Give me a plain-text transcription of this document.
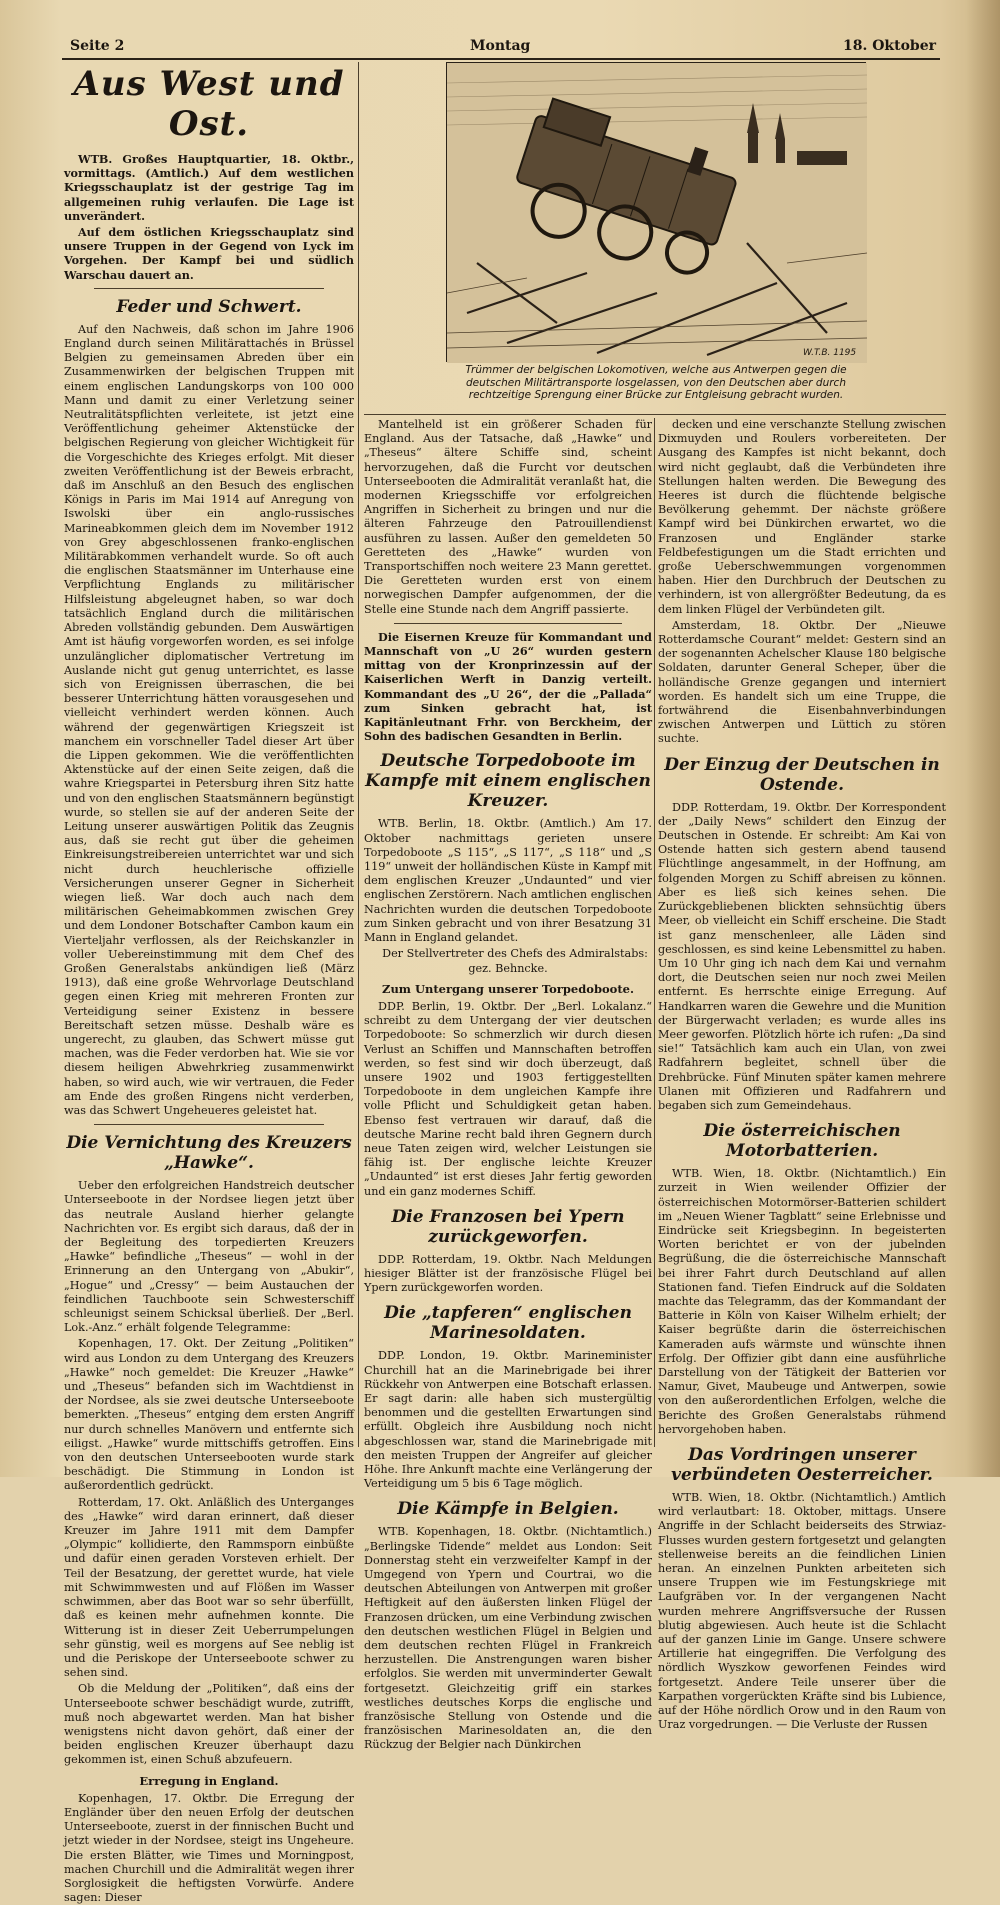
Seite 2	Montag	18. Oktober
Aus West und Ost.

WTB. Großes Hauptquartier, 18. Oktbr., vormittags. (Amtlich.) Auf dem westlichen Kriegsschauplatz ist der gestrige Tag im allgemeinen ruhig verlaufen. Die Lage ist unverändert.

Auf dem östlichen Kriegsschauplatz sind unsere Truppen in der Gegend von Lyck im Vorgehen. Der Kampf bei und südlich Warschau dauert an.

Feder und Schwert.

Auf den Nachweis, daß schon im Jahre 1906 England durch seinen Militärattachés in Brüssel Belgien zu gemeinsamen Abreden über ein Zusammenwirken der belgischen Truppen mit einem englischen Landungskorps von 100 000 Mann und damit zu einer Verletzung seiner Neutralitätspflichten verleitete, ist jetzt eine Veröffentlichung geheimer Aktenstücke der belgischen Regierung von gleicher Wichtigkeit für die Vorgeschichte des Krieges erfolgt. Mit dieser zweiten Veröffentlichung ist der Beweis erbracht, daß im Anschluß an den Besuch des englischen Königs in Paris im Mai 1914 auf Anregung von Iswolski über ein anglo-russisches Marineabkommen gleich dem im November 1912 von Grey abgeschlossenen franko-englischen Militärabkommen verhandelt wurde. So oft auch die englischen Staatsmänner im Unterhause eine Verpflichtung Englands zu militärischer Hilfsleistung abgeleugnet haben, so war doch tatsächlich England durch die militärischen Abreden vollständig gebunden. Dem Auswärtigen Amt ist häufig vorgeworfen worden, es sei infolge unzulänglicher diplomatischer Vertretung im Auslande nicht gut genug unterrichtet, es lasse sich von Ereignissen überraschen, die bei besserer Unterrichtung hätten vorausgesehen und vielleicht verhindert werden können. Auch während der gegenwärtigen Kriegszeit ist manchem ein vorschneller Tadel dieser Art über die Lippen gekommen. Wie die veröffentlichten Aktenstücke auf der einen Seite zeigen, daß die wahre Kriegspartei in Petersburg ihren Sitz hatte und von den englischen Staatsmännern begünstigt wurde, so stellen sie auf der anderen Seite der Leitung unserer auswärtigen Politik das Zeugnis aus, daß sie recht gut über die geheimen Einkreisungstreibereien unterrichtet war und sich nicht durch heuchlerische offizielle Versicherungen unserer Gegner in Sicherheit wiegen ließ. War doch auch nach dem militärischen Geheimabkommen zwischen Grey und dem Londoner Botschafter Cambon kaum ein Vierteljahr verflossen, als der Reichskanzler in voller Uebereinstimmung mit dem Chef des Großen Generalstabs ankündigen ließ (März 1913), daß eine große Wehrvorlage Deutschland gegen einen Krieg mit mehreren Fronten zur Verteidigung seiner Existenz in bessere Bereitschaft setzen müsse. Deshalb wäre es ungerecht, zu glauben, das Schwert müsse gut machen, was die Feder verdorben hat. Wie sie vor diesem heiligen Abwehrkrieg zusammenwirkt haben, so wird auch, wie wir vertrauen, die Feder am Ende des großen Ringens nicht verderben, was das Schwert Ungeheueres geleistet hat.

Die Vernichtung des Kreuzers „Hawke“.

Ueber den erfolgreichen Handstreich deutscher Unterseeboote in der Nordsee liegen jetzt über das neutrale Ausland hierher gelangte Nachrichten vor. Es ergibt sich daraus, daß der in der Begleitung des torpedierten Kreuzers „Hawke“ befindliche „Theseus“ — wohl in der Erinnerung an den Untergang von „Abukir“, „Hogue“ und „Cressy“ — beim Austauchen der feindlichen Tauchboote sein Schwesterschiff schleunigst seinem Schicksal überließ. Der „Berl. Lok.-Anz.“ erhält folgende Telegramme:

Kopenhagen, 17. Okt. Der Zeitung „Politiken“ wird aus London zu dem Untergang des Kreuzers „Hawke“ noch gemeldet: Die Kreuzer „Hawke“ und „Theseus“ befanden sich im Wachtdienst in der Nordsee, als sie zwei deutsche Unterseeboote bemerkten. „Theseus“ entging dem ersten Angriff nur durch schnelles Manövern und entfernte sich eiligst. „Hawke“ wurde mittschiffs getroffen. Eins von den deutschen Unterseebooten wurde stark beschädigt. Die Stimmung in London ist außerordentlich gedrückt.

Rotterdam, 17. Okt. Anläßlich des Unterganges des „Hawke“ wird daran erinnert, daß dieser Kreuzer im Jahre 1911 mit dem Dampfer „Olympic“ kollidierte, den Rammsporn einbüßte und dafür einen geraden Vorsteven erhielt. Der Teil der Besatzung, der gerettet wurde, hat viele mit Schwimmwesten und auf Flößen im Wasser schwimmen, aber das Boot war so sehr überfüllt, daß es keinen mehr aufnehmen konnte. Die Witterung ist in dieser Zeit Ueberrumpelungen sehr günstig, weil es morgens auf See neblig ist und die Periskope der Unterseeboote schwer zu sehen sind.

Ob die Meldung der „Politiken“, daß eins der Unterseeboote schwer beschädigt wurde, zutrifft, muß noch abgewartet werden. Man hat bisher wenigstens nicht davon gehört, daß einer der beiden englischen Kreuzer überhaupt dazu gekommen ist, einen Schuß abzufeuern.

Erregung in England.

Kopenhagen, 17. Oktbr. Die Erregung der Engländer über den neuen Erfolg der deutschen Unterseeboote, zuerst in der finnischen Bucht und jetzt wieder in der Nordsee, steigt ins Ungeheure. Die ersten Blätter, wie Times und Morningpost, machen Churchill und die Admiralität wegen ihrer Sorglosigkeit die heftigsten Vorwürfe. Andere sagen: Dieser

W.T.B. 1195
Trümmer der belgischen Lokomotiven, welche aus Antwerpen gegen die deutschen Militärtransporte losgelassen, von den Deutschen aber durch rechtzeitige Sprengung einer Brücke zur Entgleisung gebracht wurden.

Mantelheld ist ein größerer Schaden für England. Aus der Tatsache, daß „Hawke“ und „Theseus“ ältere Schiffe sind, scheint hervorzugehen, daß die Furcht vor deutschen Unterseebooten die Admiralität veranlaßt hat, die modernen Kriegsschiffe vor erfolgreichen Angriffen in Sicherheit zu bringen und nur die älteren Fahrzeuge den Patrouillendienst ausführen zu lassen. Außer den gemeldeten 50 Geretteten des „Hawke“ wurden von Transportschiffen noch weitere 23 Mann gerettet. Die Geretteten wurden erst von einem norwegischen Dampfer aufgenommen, der die Stelle eine Stunde nach dem Angriff passierte.

Die Eisernen Kreuze für Kommandant und Mannschaft von „U 26“ wurden gestern mittag von der Kronprinzessin auf der Kaiserlichen Werft in Danzig verteilt. Kommandant des „U 26“, der die „Pallada“ zum Sinken gebracht hat, ist Kapitänleutnant Frhr. von Berckheim, der Sohn des badischen Gesandten in Berlin.

Deutsche Torpedoboote im Kampfe mit einem englischen Kreuzer.

WTB. Berlin, 18. Oktbr. (Amtlich.) Am 17. Oktober nachmittags gerieten unsere Torpedoboote „S 115“, „S 117“, „S 118“ und „S 119“ unweit der holländischen Küste in Kampf mit dem englischen Kreuzer „Undaunted“ und vier englischen Zerstörern. Nach amtlichen englischen Nachrichten wurden die deutschen Torpedoboote zum Sinken gebracht und von ihrer Besatzung 31 Mann in England gelandet.

Der Stellvertreter des Chefs des Admiralstabs: gez. Behncke.

Zum Untergang unserer Torpedoboote.

DDP. Berlin, 19. Oktbr. Der „Berl. Lokalanz.“ schreibt zu dem Untergang der vier deutschen Torpedoboote: So schmerzlich wir durch diesen Verlust an Schiffen und Mannschaften betroffen werden, so fest sind wir doch überzeugt, daß unsere 1902 und 1903 fertiggestellten Torpedoboote in dem ungleichen Kampfe ihre volle Pflicht und Schuldigkeit getan haben. Ebenso fest vertrauen wir darauf, daß die deutsche Marine recht bald ihren Gegnern durch neue Taten zeigen wird, welcher Leistungen sie fähig ist. Der englische leichte Kreuzer „Undaunted“ ist erst dieses Jahr fertig geworden und ein ganz modernes Schiff.

Die Franzosen bei Ypern zurückgeworfen.

DDP. Rotterdam, 19. Oktbr. Nach Meldungen hiesiger Blätter ist der französische Flügel bei Ypern zurückgeworfen worden.

Die „tapferen“ englischen Marinesoldaten.

DDP. London, 19. Oktbr. Marineminister Churchill hat an die Marinebrigade bei ihrer Rückkehr von Antwerpen eine Botschaft erlassen. Er sagt darin: alle haben sich mustergültig benommen und die gestellten Erwartungen sind erfüllt. Obgleich ihre Ausbildung noch nicht abgeschlossen war, stand die Marinebrigade mit den meisten Truppen der Angreifer auf gleicher Höhe. Ihre Ankunft machte eine Verlängerung der Verteidigung um 5 bis 6 Tage möglich.

Die Kämpfe in Belgien.

WTB. Kopenhagen, 18. Oktbr. (Nichtamtlich.) „Berlingske Tidende“ meldet aus London: Seit Donnerstag steht ein verzweifelter Kampf in der Umgegend von Ypern und Courtrai, wo die deutschen Abteilungen von Antwerpen mit großer Heftigkeit auf den äußersten linken Flügel der Franzosen drücken, um eine Verbindung zwischen den deutschen westlichen Flügel in Belgien und dem deutschen rechten Flügel in Frankreich herzustellen. Die Anstrengungen waren bisher erfolglos. Sie werden mit unverminderter Gewalt fortgesetzt. Gleichzeitig griff ein starkes westliches deutsches Korps die englische und französische Stellung von Ostende und die französischen Marinesoldaten an, die den Rückzug der Belgier nach Dünkirchen

decken und eine verschanzte Stellung zwischen Dixmuyden und Roulers vorbereiteten. Der Ausgang des Kampfes ist nicht bekannt, doch wird nicht geglaubt, daß die Verbündeten ihre Stellungen halten werden. Die Bewegung des Heeres ist durch die flüchtende belgische Bevölkerung gehemmt. Der nächste größere Kampf wird bei Dünkirchen erwartet, wo die Franzosen und Engländer starke Feldbefestigungen um die Stadt errichten und große Ueberschwemmungen vorgenommen haben. Hier den Durchbruch der Deutschen zu verhindern, ist von allergrößter Bedeutung, da es dem linken Flügel der Verbündeten gilt.

Amsterdam, 18. Oktbr. Der „Nieuwe Rotterdamsche Courant“ meldet: Gestern sind an der sogenannten Achelscher Klause 180 belgische Soldaten, darunter General Scheper, über die holländische Grenze gegangen und interniert worden. Es handelt sich um eine Truppe, die fortwährend die Eisenbahnverbindungen zwischen Antwerpen und Lüttich zu stören suchte.

Der Einzug der Deutschen in Ostende.

DDP. Rotterdam, 19. Oktbr. Der Korrespondent der „Daily News“ schildert den Einzug der Deutschen in Ostende. Er schreibt: Am Kai von Ostende hatten sich gestern abend tausend Flüchtlinge angesammelt, in der Hoffnung, am folgenden Morgen zu Schiff abreisen zu können. Aber es ließ sich keines sehen. Die Zurückgebliebenen blickten sehnsüchtig übers Meer, ob vielleicht ein Schiff erscheine. Die Stadt ist ganz menschenleer, alle Läden sind geschlossen, es sind keine Lebensmittel zu haben. Um 10 Uhr ging ich nach dem Kai und vernahm dort, die Deutschen seien nur noch zwei Meilen entfernt. Es herrschte einige Erregung. Auf Handkarren waren die Gewehre und die Munition der Bürgerwacht verladen; es wurde alles ins Meer geworfen. Plötzlich hörte ich rufen: „Da sind sie!“ Tatsächlich kam auch ein Ulan, von zwei Radfahrern begleitet, schnell über die Drehbrücke. Fünf Minuten später kamen mehrere Ulanen mit Offizieren und Radfahrern und begaben sich zum Gemeindehaus.

Die österreichischen Motorbatterien.

WTB. Wien, 18. Oktbr. (Nichtamtlich.) Ein zurzeit in Wien weilender Offizier der österreichischen Motormörser-Batterien schildert im „Neuen Wiener Tagblatt“ seine Erlebnisse und Eindrücke seit Kriegsbeginn. In begeisterten Worten berichtet er von der jubelnden Begrüßung, die die österreichische Mannschaft bei ihrer Fahrt durch Deutschland auf allen Stationen fand. Tiefen Eindruck auf die Soldaten machte das Telegramm, das der Kommandant der Batterie in Köln von Kaiser Wilhelm erhielt; der Kaiser begrüßte darin die österreichischen Kameraden aufs wärmste und wünschte ihnen Erfolg. Der Offizier gibt dann eine ausführliche Darstellung von der Tätigkeit der Batterien vor Namur, Givet, Maubeuge und Antwerpen, sowie von den außerordentlichen Erfolgen, welche die Berichte des Großen Generalstabs rühmend hervorgehoben haben.

Das Vordringen unserer verbündeten Oesterreicher.

WTB. Wien, 18. Oktbr. (Nichtamtlich.) Amtlich wird verlautbart: 18. Oktober, mittags. Unsere Angriffe in der Schlacht beiderseits des Strwiaz-Flusses wurden gestern fortgesetzt und gelangten stellenweise bereits an die feindlichen Linien heran. An einzelnen Punkten arbeiteten sich unsere Truppen wie im Festungskriege mit Laufgräben vor. In der vergangenen Nacht wurden mehrere Angriffsversuche der Russen blutig abgewiesen. Auch heute ist die Schlacht auf der ganzen Linie im Gange. Unsere schwere Artillerie hat eingegriffen. Die Verfolgung des nördlich Wyszkow geworfenen Feindes wird fortgesetzt. Andere Teile unserer über die Karpathen vorgerückten Kräfte sind bis Lubience, auf der Höhe nördlich Orow und in den Raum von Uraz vorgedrungen. — Die Verluste der Russen
